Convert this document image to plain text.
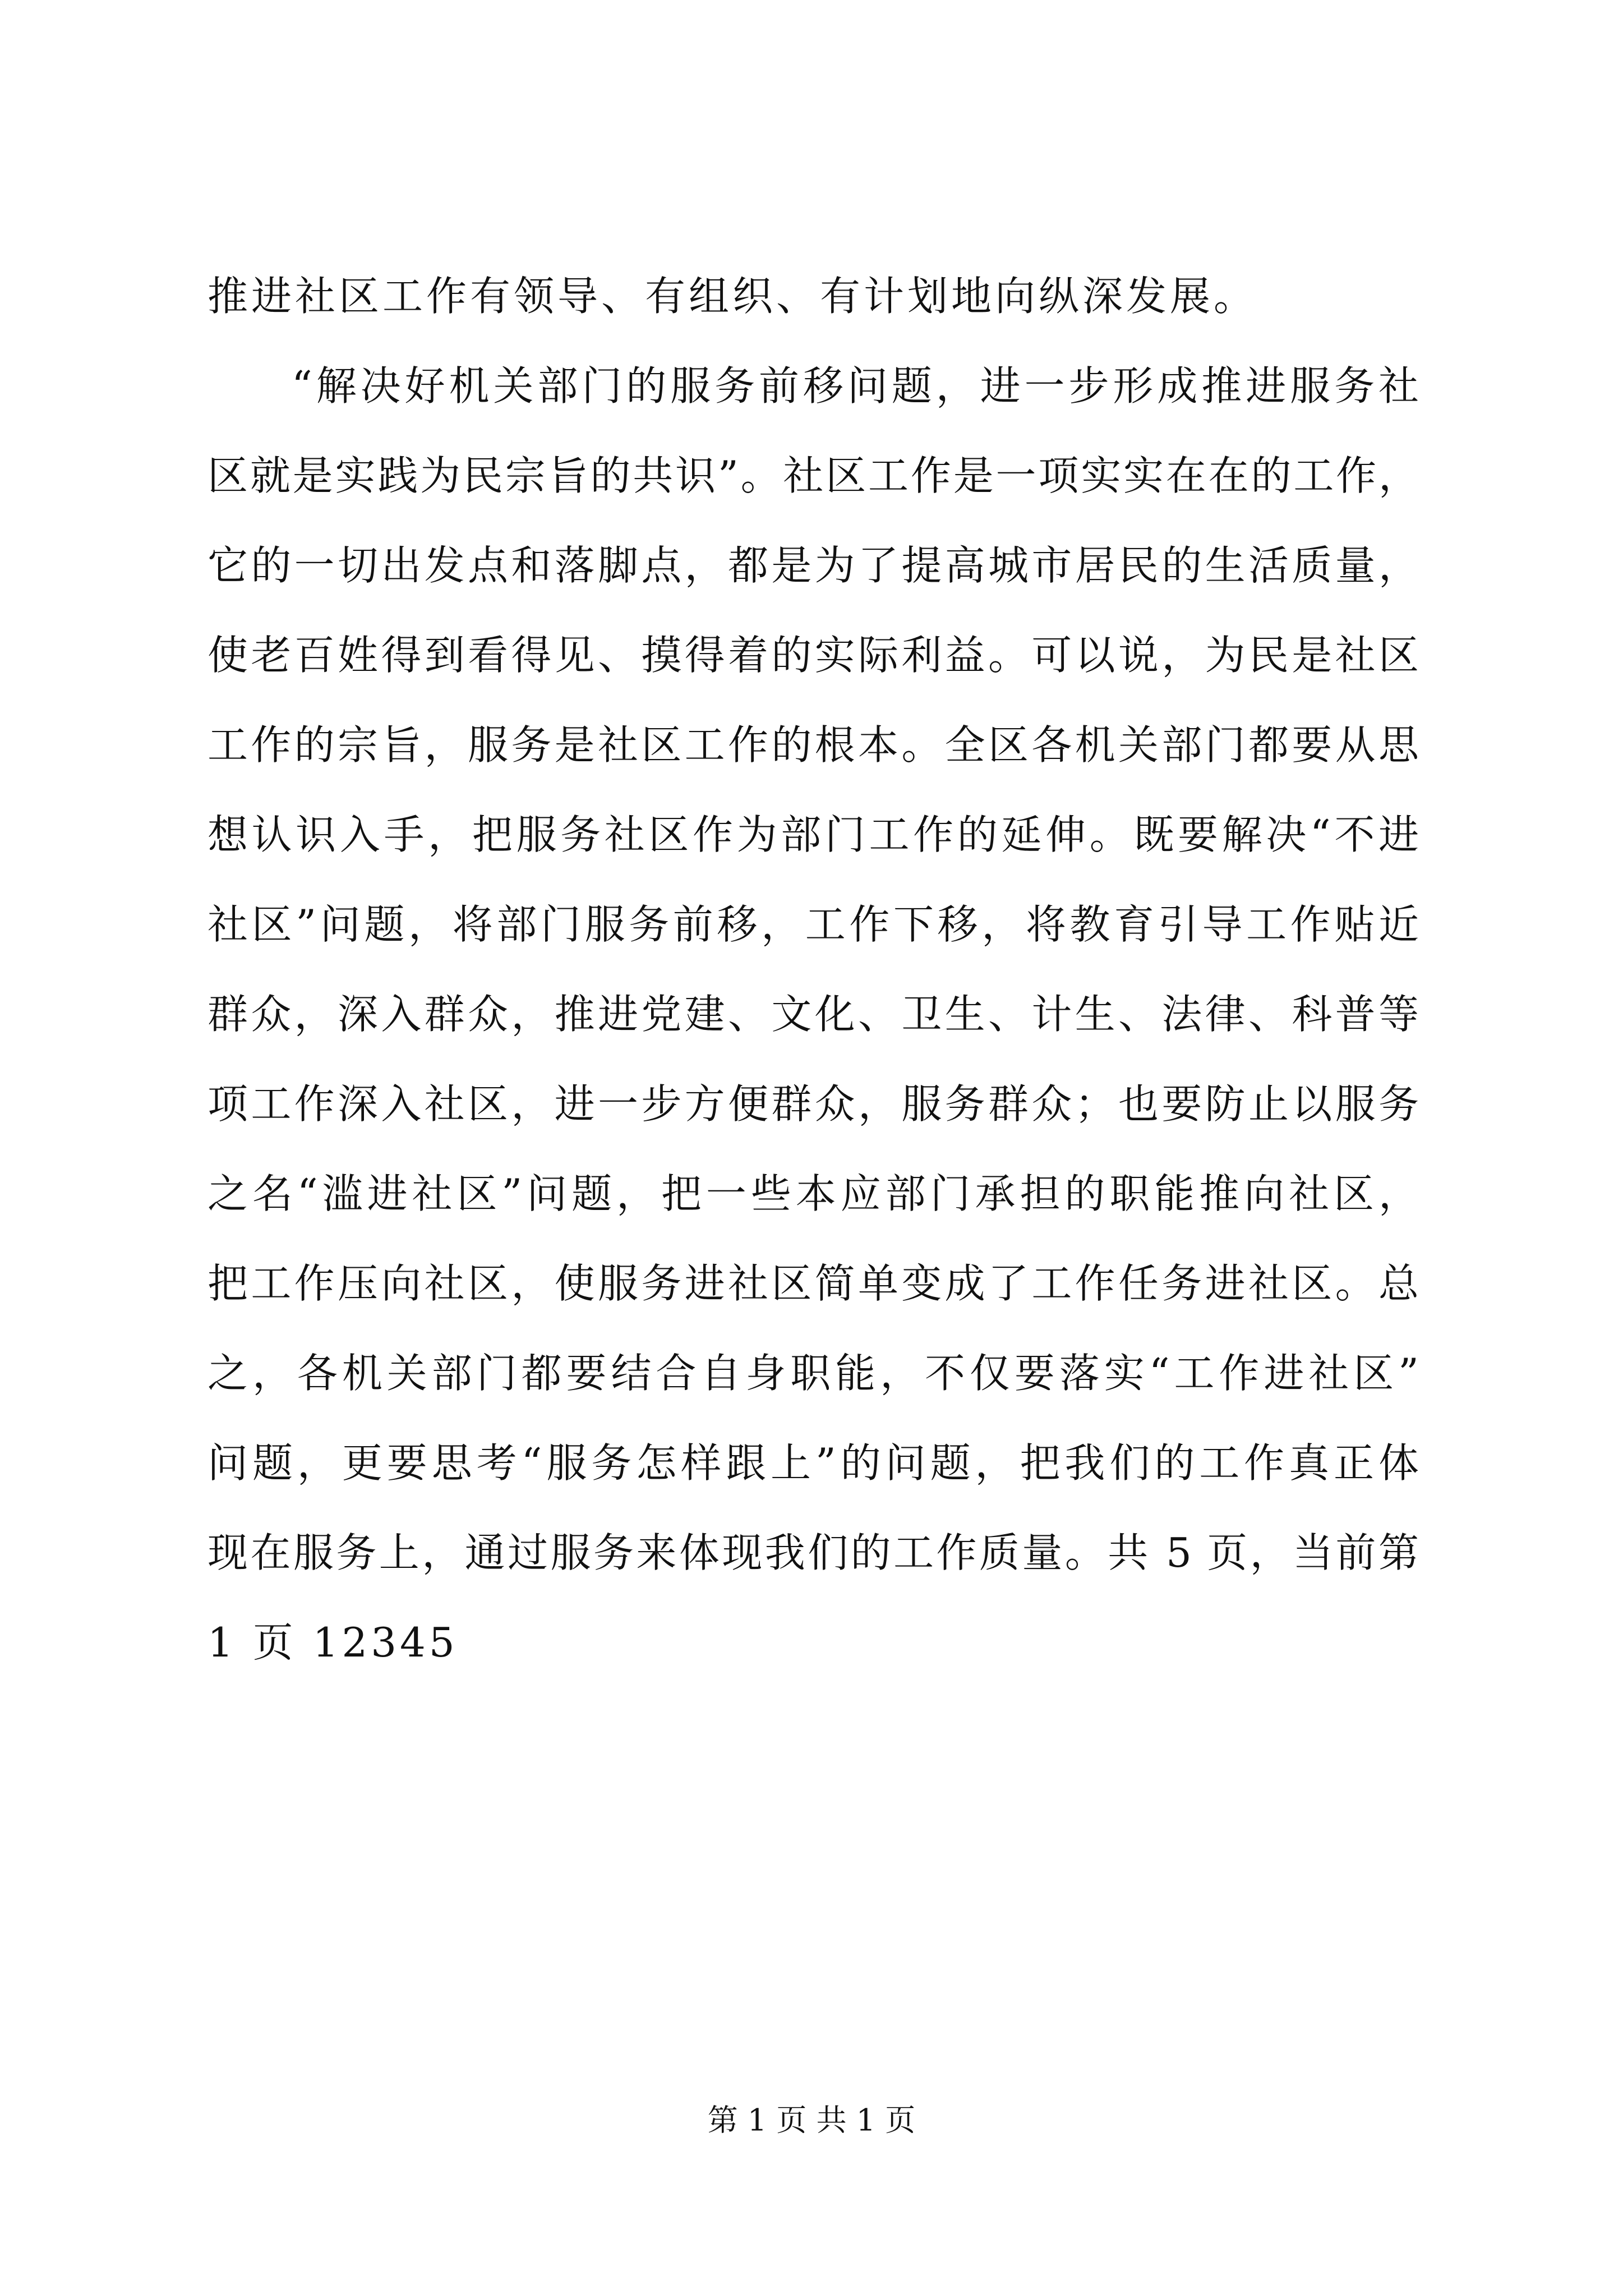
推进社区工作有领导、有组织、有计划地向纵深发展。
“解决好机关部门的服务前移问题，进一步形成推进服务社
区就是实践为民宗旨的共识”。社区工作是一项实实在在的工作，
它的一切出发点和落脚点，都是为了提高城市居民的生活质量，
使老百姓得到看得见、摸得着的实际利益。可以说，为民是社区
工作的宗旨，服务是社区工作的根本。全区各机关部门都要从思
想认识入手，把服务社区作为部门工作的延伸。既要解决“不进
社区”问题，将部门服务前移，工作下移，将教育引导工作贴近
群众，深入群众，推进党建、文化、卫生、计生、法律、科普等
项工作深入社区，进一步方便群众，服务群众；也要防止以服务
之名“滥进社区”问题，把一些本应部门承担的职能推向社区，
把工作压向社区，使服务进社区简单变成了工作任务进社区。总
之，各机关部门都要结合自身职能，不仅要落实“工作进社区”
问题，更要思考“服务怎样跟上”的问题，把我们的工作真正体
现在服务上，通过服务来体现我们的工作质量。共 5 页，当前第
1 页 12345
第 1 页 共 1 页
